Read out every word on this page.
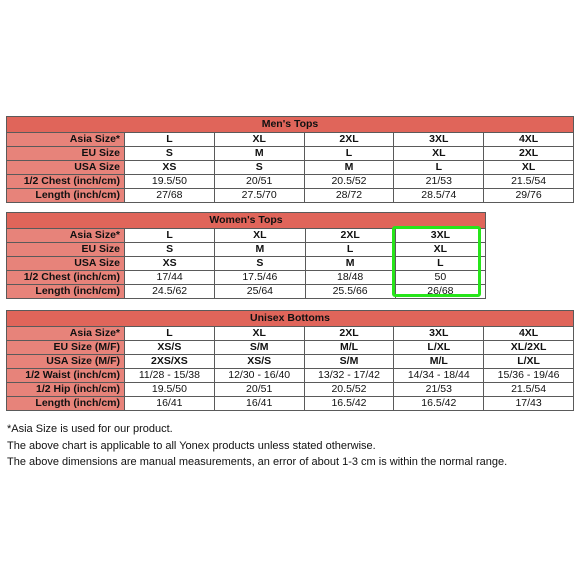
Men's Tops					
Asia Size*	L	XL	2XL	3XL	4XL
EU Size	S	M	L	XL	2XL
USA Size	XS	S	M	L	XL
1/2 Chest (inch/cm)	19.5/50	20/51	20.5/52	21/53	21.5/54
Length (inch/cm)	27/68	27.5/70	28/72	28.5/74	29/76
Women's Tops				
Asia Size*	L	XL	2XL	3XL
EU Size	S	M	L	XL
USA Size	XS	S	M	L
1/2 Chest (inch/cm)	17/44	17.5/46	18/48	50
Length (inch/cm)	24.5/62	25/64	25.5/66	26/68
Unisex Bottoms					
Asia Size*	L	XL	2XL	3XL	4XL
EU Size (M/F)	XS/S	S/M	M/L	L/XL	XL/2XL
USA Size (M/F)	2XS/XS	XS/S	S/M	M/L	L/XL
1/2 Waist (inch/cm)	11/28 - 15/38	12/30 - 16/40	13/32 - 17/42	14/34 - 18/44	15/36 - 19/46
1/2 Hip (inch/cm)	19.5/50	20/51	20.5/52	21/53	21.5/54
Length (inch/cm)	16/41	16/41	16.5/42	16.5/42	17/43

*Asia Size is used for our product.

The above chart is applicable to all Yonex products unless stated otherwise.

The above dimensions are manual measurements, an error of about 1-3 cm is within the normal range.
